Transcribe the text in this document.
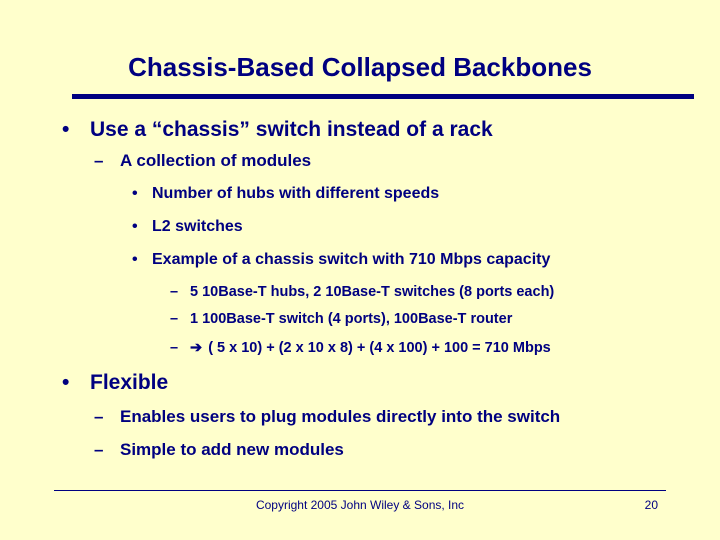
Chassis-Based Collapsed Backbones
• Use a “chassis” switch instead of a rack
– A collection of modules
• Number of hubs with different speeds
• L2 switches
• Example of a chassis switch with 710 Mbps capacity
– 5 10Base-T hubs, 2 10Base-T switches (8 ports each)
– 1 100Base-T switch (4 ports), 100Base-T router
– ➔ ( 5 x 10) + (2 x 10 x 8) + (4 x 100) + 100 = 710 Mbps
• Flexible
– Enables users to plug modules directly into the switch
– Simple to add new modules
Copyright 2005 John Wiley & Sons, Inc	20
